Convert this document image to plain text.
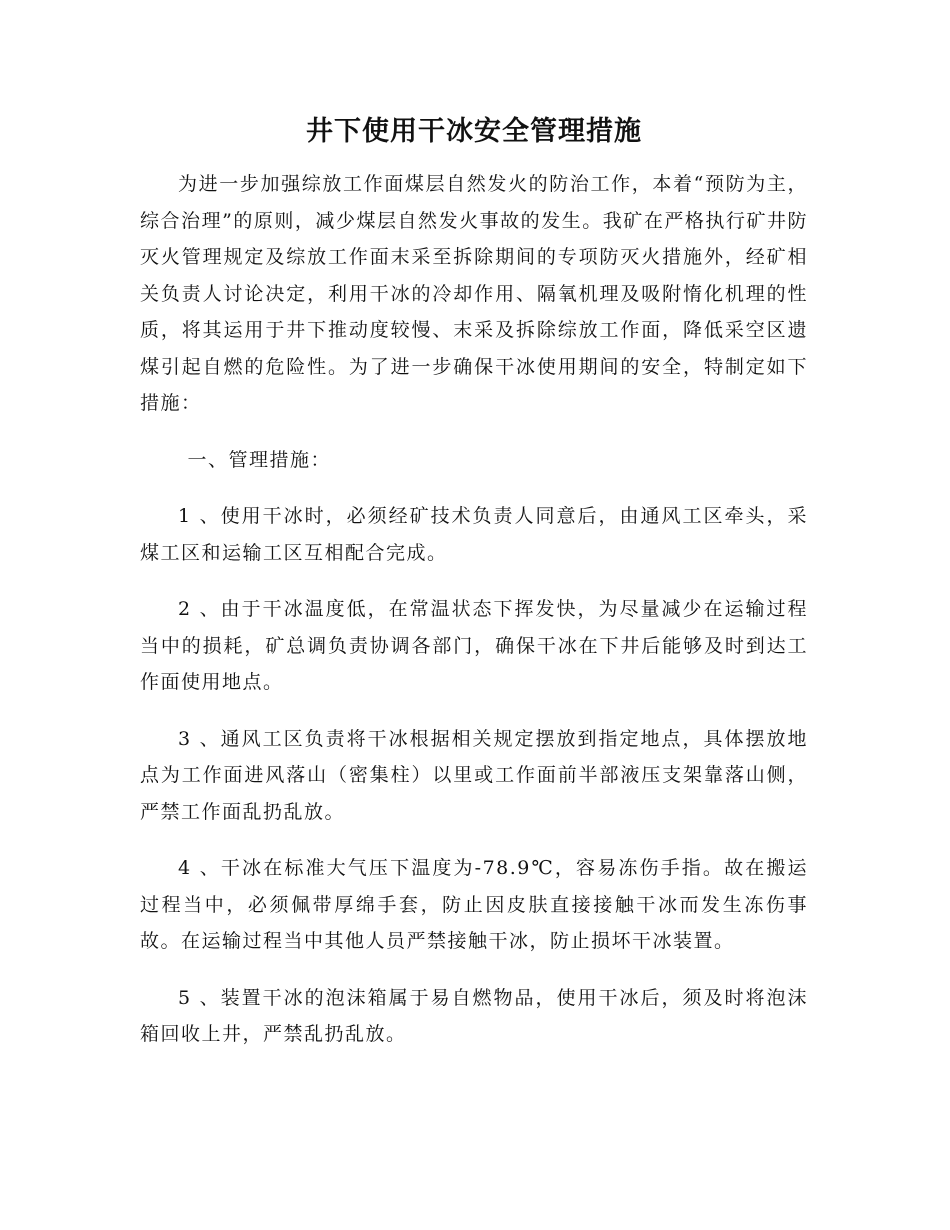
井下使用干冰安全管理措施

为进一步加强综放工作面煤层自然发火的防治工作，本着“预防为主，综合治理”的原则，减少煤层自然发火事故的发生。我矿在严格执行矿井防灭火管理规定及综放工作面末采至拆除期间的专项防灭火措施外，经矿相关负责人讨论决定，利用干冰的冷却作用、隔氧机理及吸附惰化机理的性质，将其运用于井下推动度较慢、末采及拆除综放工作面，降低采空区遗煤引起自燃的危险性。为了进一步确保干冰使用期间的安全，特制定如下措施：

一、管理措施：

1 、使用干冰时，必须经矿技术负责人同意后，由通风工区牵头，采煤工区和运输工区互相配合完成。

2 、由于干冰温度低，在常温状态下挥发快，为尽量减少在运输过程当中的损耗，矿总调负责协调各部门，确保干冰在下井后能够及时到达工作面使用地点。

3 、通风工区负责将干冰根据相关规定摆放到指定地点，具体摆放地点为工作面进风落山（密集柱）以里或工作面前半部液压支架靠落山侧，严禁工作面乱扔乱放。

4 、干冰在标准大气压下温度为-78.9℃，容易冻伤手指。故在搬运过程当中，必须佩带厚绵手套，防止因皮肤直接接触干冰而发生冻伤事故。在运输过程当中其他人员严禁接触干冰，防止损坏干冰装置。

5 、装置干冰的泡沫箱属于易自燃物品，使用干冰后，须及时将泡沫箱回收上井，严禁乱扔乱放。
